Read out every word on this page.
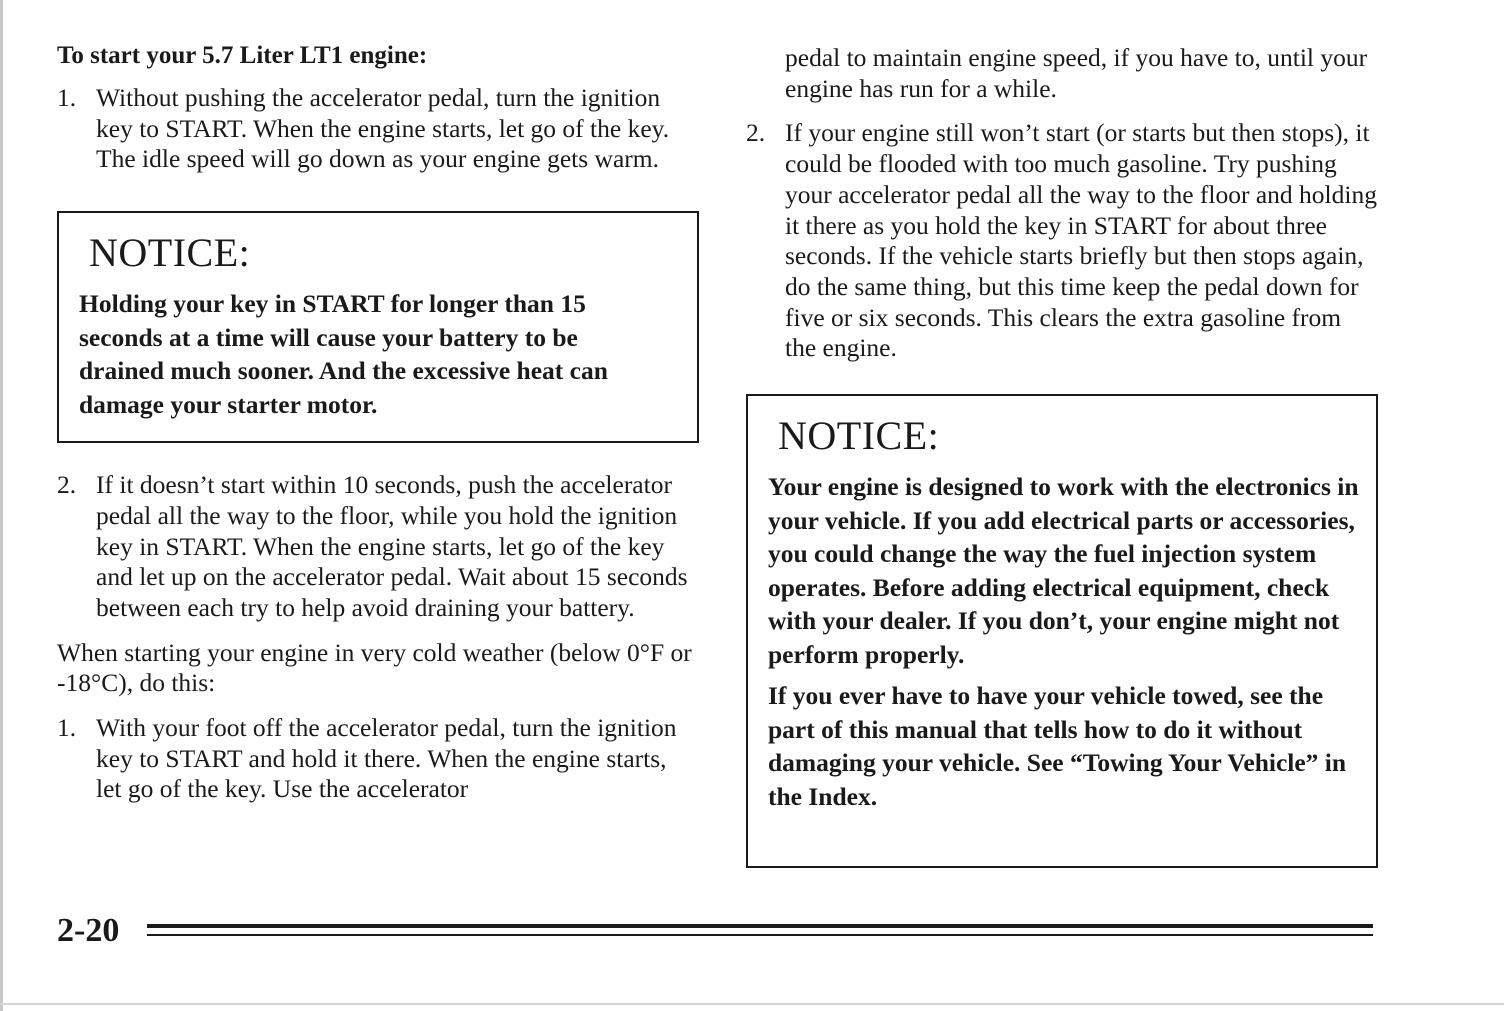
To start your 5.7 Liter LT1 engine:

1. Without pushing the accelerator pedal, turn the ignition key to START. When the engine starts, let go of the key. The idle speed will go down as your engine gets warm.
NOTICE:

Holding your key in START for longer than 15 seconds at a time will cause your battery to be drained much sooner. And the excessive heat can damage your starter motor.

2. If it doesn’t start within 10 seconds, push the accelerator pedal all the way to the floor, while you hold the ignition key in START. When the engine starts, let go of the key and let up on the accelerator pedal. Wait about 15 seconds between each try to help avoid draining your battery.

When starting your engine in very cold weather (below 0°F or -18°C), do this:

1. With your foot off the accelerator pedal, turn the ignition key to START and hold it there. When the engine starts, let go of the key. Use the accelerator
pedal to maintain engine speed, if you have to, until your engine has run for a while.
2. If your engine still won’t start (or starts but then stops), it could be flooded with too much gasoline. Try pushing your accelerator pedal all the way to the floor and holding it there as you hold the key in START for about three seconds. If the vehicle starts briefly but then stops again, do the same thing, but this time keep the pedal down for five or six seconds. This clears the extra gasoline from the engine.
NOTICE:

Your engine is designed to work with the electronics in your vehicle. If you add electrical parts or accessories, you could change the way the fuel injection system operates. Before adding electrical equipment, check with your dealer. If you don’t, your engine might not perform properly.

If you ever have to have your vehicle towed, see the part of this manual that tells how to do it without damaging your vehicle. See “Towing Your Vehicle” in the Index.

2-20
